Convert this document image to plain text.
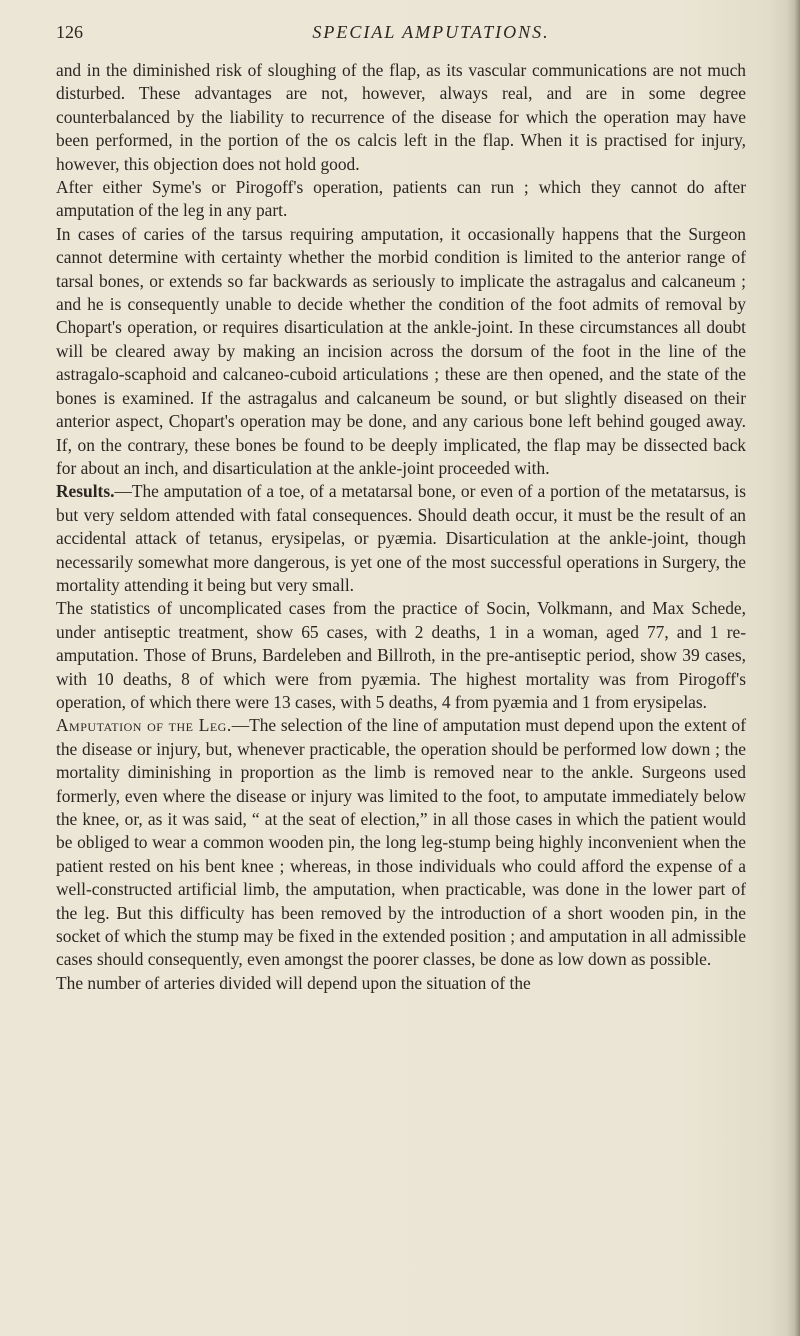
126	SPECIAL AMPUTATIONS.

and in the diminished risk of sloughing of the flap, as its vascular communications are not much disturbed. These advantages are not, however, always real, and are in some degree counterbalanced by the liability to recurrence of the disease for which the operation may have been performed, in the portion of the os calcis left in the flap. When it is practised for injury, however, this objection does not hold good.

After either Syme's or Pirogoff's operation, patients can run ; which they cannot do after amputation of the leg in any part.

In cases of caries of the tarsus requiring amputation, it occasionally happens that the Surgeon cannot determine with certainty whether the morbid condition is limited to the anterior range of tarsal bones, or extends so far backwards as seriously to implicate the astragalus and calcaneum ; and he is consequently unable to decide whether the condition of the foot admits of removal by Chopart's operation, or requires disarticulation at the ankle-joint. In these circumstances all doubt will be cleared away by making an incision across the dorsum of the foot in the line of the astragalo-scaphoid and calcaneo-cuboid articulations ; these are then opened, and the state of the bones is examined. If the astragalus and calcaneum be sound, or but slightly diseased on their anterior aspect, Chopart's operation may be done, and any carious bone left behind gouged away. If, on the contrary, these bones be found to be deeply implicated, the flap may be dissected back for about an inch, and disarticulation at the ankle-joint proceeded with.

Results.—The amputation of a toe, of a metatarsal bone, or even of a portion of the metatarsus, is but very seldom attended with fatal consequences. Should death occur, it must be the result of an accidental attack of tetanus, erysipelas, or pyæmia. Disarticulation at the ankle-joint, though necessarily somewhat more dangerous, is yet one of the most successful operations in Surgery, the mortality attending it being but very small.

The statistics of uncomplicated cases from the practice of Socin, Volkmann, and Max Schede, under antiseptic treatment, show 65 cases, with 2 deaths, 1 in a woman, aged 77, and 1 re-amputation. Those of Bruns, Bardeleben and Billroth, in the pre-antiseptic period, show 39 cases, with 10 deaths, 8 of which were from pyæmia. The highest mortality was from Pirogoff's operation, of which there were 13 cases, with 5 deaths, 4 from pyæmia and 1 from erysipelas.

Amputation of the Leg.—The selection of the line of amputation must depend upon the extent of the disease or injury, but, whenever practicable, the operation should be performed low down ; the mortality diminishing in proportion as the limb is removed near to the ankle. Surgeons used formerly, even where the disease or injury was limited to the foot, to amputate immediately below the knee, or, as it was said, “ at the seat of election,” in all those cases in which the patient would be obliged to wear a common wooden pin, the long leg-stump being highly inconvenient when the patient rested on his bent knee ; whereas, in those individuals who could afford the expense of a well-constructed artificial limb, the amputation, when practicable, was done in the lower part of the leg. But this difficulty has been removed by the introduction of a short wooden pin, in the socket of which the stump may be fixed in the extended position ; and amputation in all admissible cases should consequently, even amongst the poorer classes, be done as low down as possible.

The number of arteries divided will depend upon the situation of the
